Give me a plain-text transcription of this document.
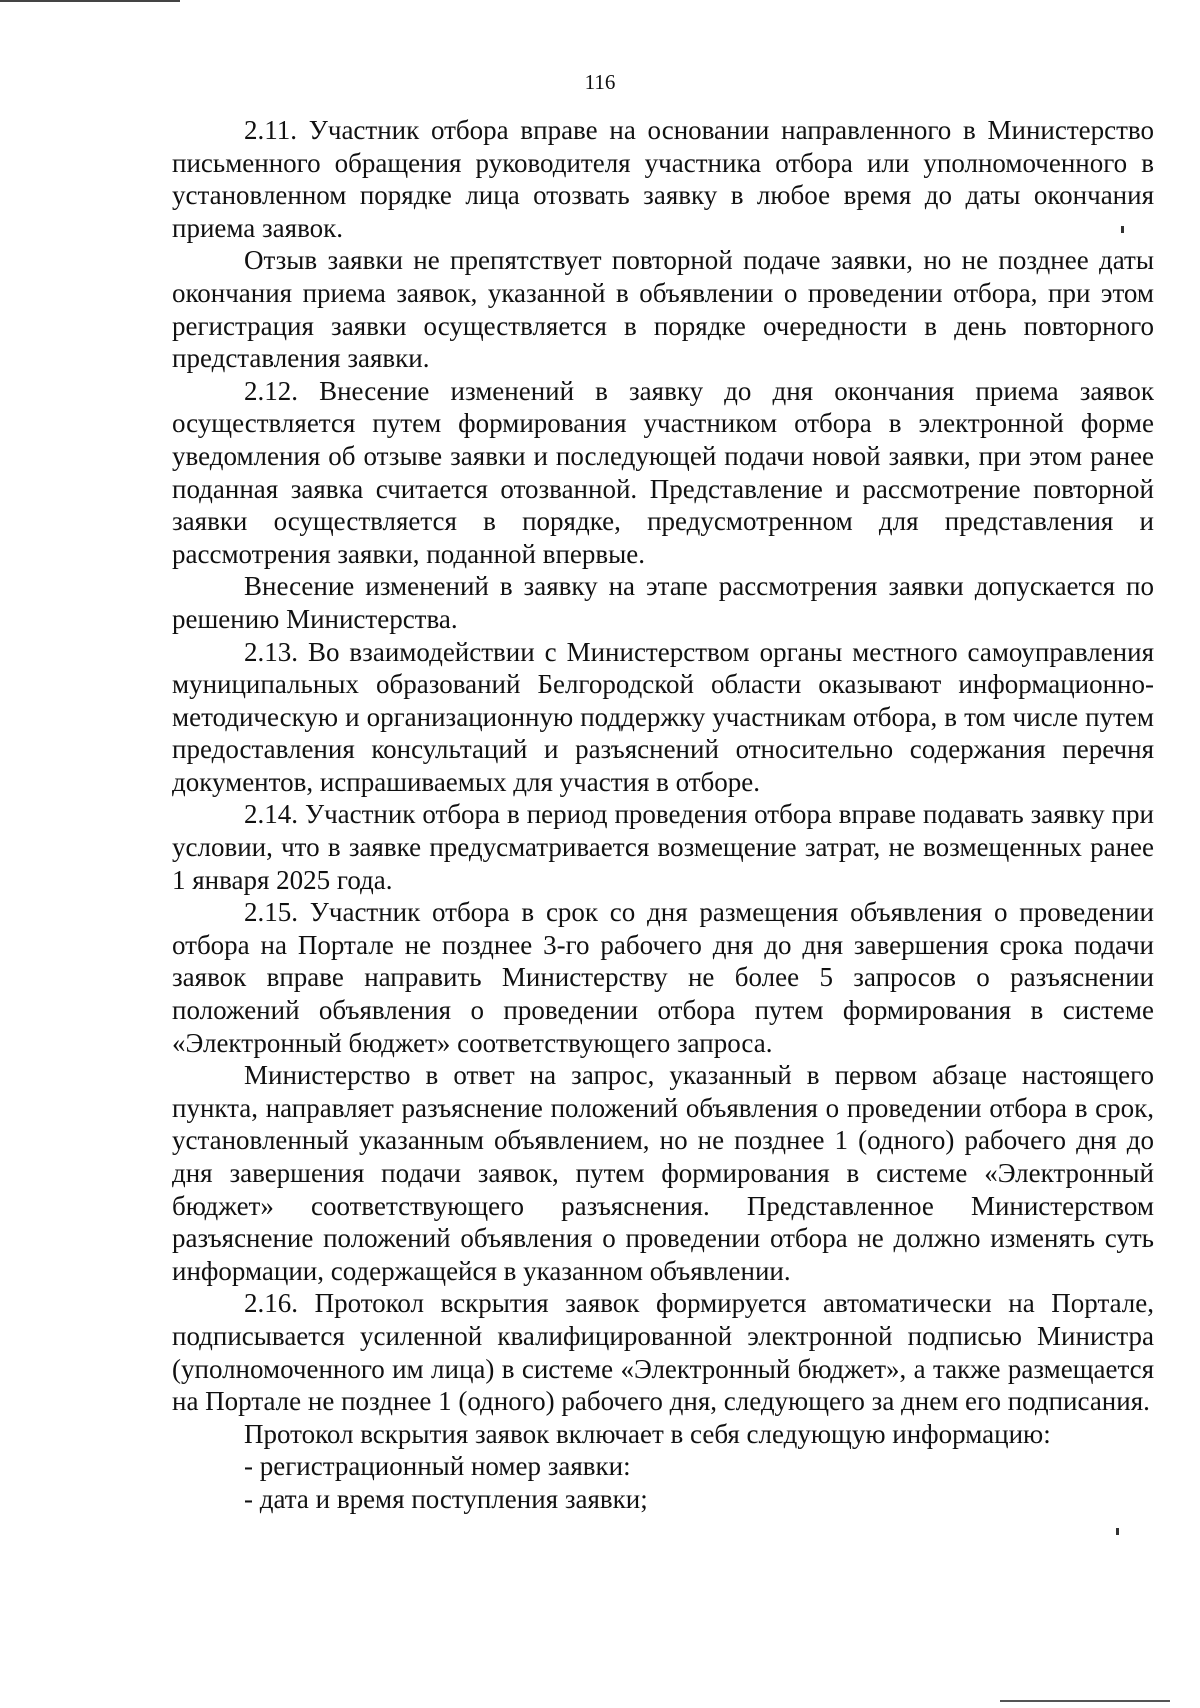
116

2.11. Участник отбора вправе на основании направленного в Министерство письменного обращения руководителя участника отбора или уполномоченного в установленном порядке лица отозвать заявку в любое время до даты окончания приема заявок.

Отзыв заявки не препятствует повторной подаче заявки, но не позднее даты окончания приема заявок, указанной в объявлении о проведении отбора, при этом регистрация заявки осуществляется в порядке очередности в день повторного представления заявки.

2.12. Внесение изменений в заявку до дня окончания приема заявок осуществляется путем формирования участником отбора в электронной форме уведомления об отзыве заявки и последующей подачи новой заявки, при этом ранее поданная заявка считается отозванной. Представление и рассмотрение повторной заявки осуществляется в порядке, предусмотренном для представления и рассмотрения заявки, поданной впервые.

Внесение изменений в заявку на этапе рассмотрения заявки допускается по решению Министерства.

2.13. Во взаимодействии с Министерством органы местного самоуправления муниципальных образований Белгородской области оказывают информационно-методическую и организационную поддержку участникам отбора, в том числе путем предоставления консультаций и разъяснений относительно содержания перечня документов, испрашиваемых для участия в отборе.

2.14. Участник отбора в период проведения отбора вправе подавать заявку при условии, что в заявке предусматривается возмещение затрат, не возмещенных ранее 1 января 2025 года.

2.15. Участник отбора в срок со дня размещения объявления о проведении отбора на Портале не позднее 3-го рабочего дня до дня завершения срока подачи заявок вправе направить Министерству не более 5 запросов о разъяснении положений объявления о проведении отбора путем формирования в системе «Электронный бюджет» соответствующего запроса.

Министерство в ответ на запрос, указанный в первом абзаце настоящего пункта, направляет разъяснение положений объявления о проведении отбора в срок, установленный указанным объявлением, но не позднее 1 (одного) рабочего дня до дня завершения подачи заявок, путем формирования в системе «Электронный бюджет» соответствующего разъяснения. Представленное Министерством разъяснение положений объявления о проведении отбора не должно изменять суть информации, содержащейся в указанном объявлении.

2.16. Протокол вскрытия заявок формируется автоматически на Портале, подписывается усиленной квалифицированной электронной подписью Министра (уполномоченного им лица) в системе «Электронный бюджет», а также размещается на Портале не позднее 1 (одного) рабочего дня, следующего за днем его подписания.

Протокол вскрытия заявок включает в себя следующую информацию:

- регистрационный номер заявки:

- дата и время поступления заявки;
